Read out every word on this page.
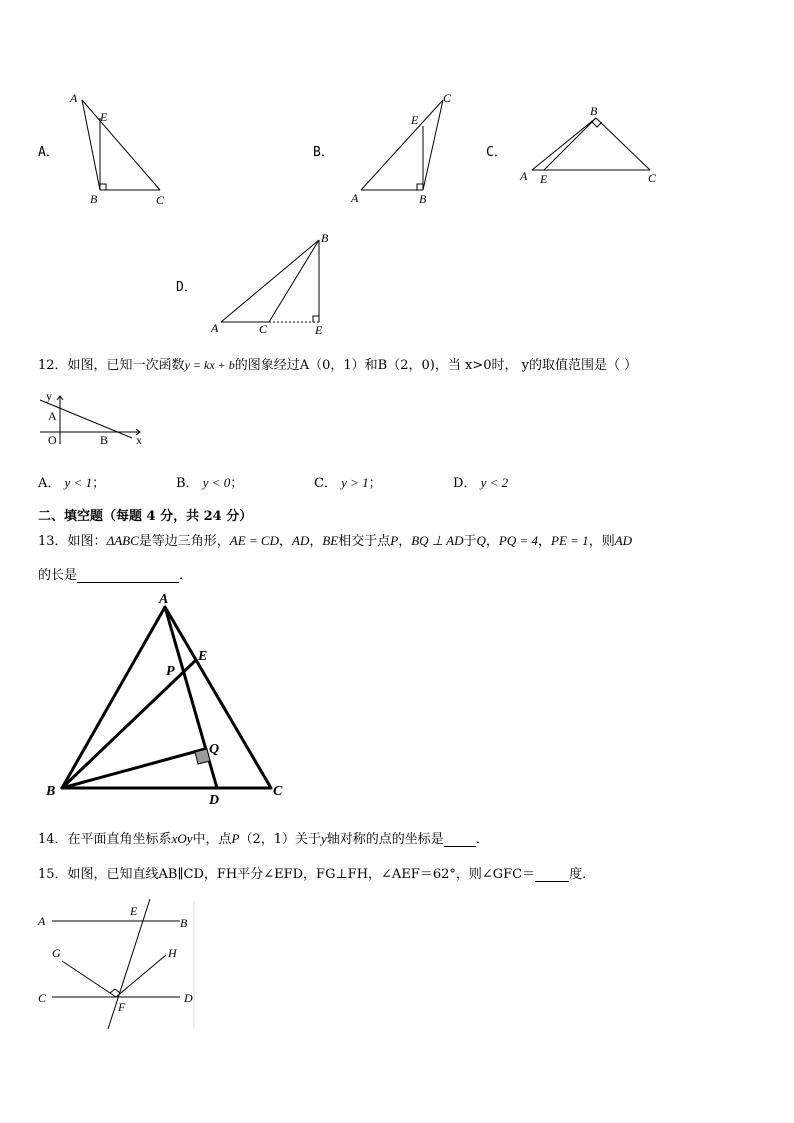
A．
A
E
B	C
B．
C
E
A	B
C．
B
A E	C
D．
B
A	C	E
12．如图，已知一次函数y = kx + b的图象经过A（0，1）和B（2，0)，当 x>0时， y的取值范围是（ ）
y
x
O
A
B
A． y < 1；	B． y < 0；	C． y > 1；	D． y < 2
二、填空题（每题 4 分，共 24 分）
13．如图：ΔABC是等边三角形，AE = CD，AD，BE相交于点P，BQ ⊥ AD于Q，PQ = 4，PE = 1，则AD
的长是	．
A
B	C
D
E
P
Q
14．在平面直角坐标系xOy中，点P（2，1）关于y轴对称的点的坐标是 ．
15．如图，已知直线AB∥CD，FH平分∠EFD，FG⊥FH，∠AEF＝62°，则∠GFC＝	度．
A	B
C	D
E
F
G	H
